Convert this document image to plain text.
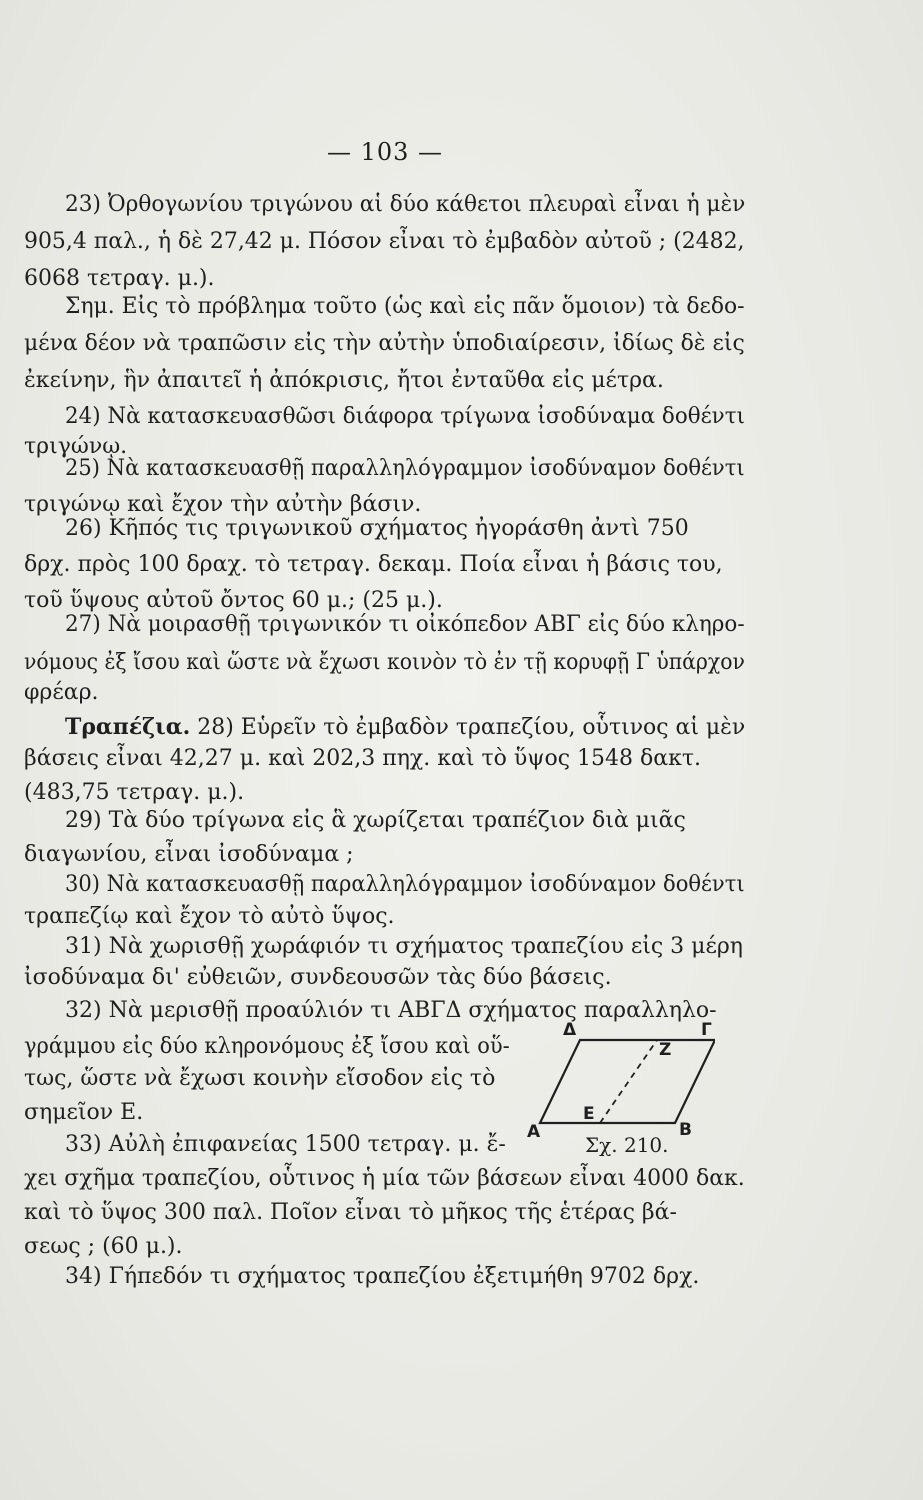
— 103 —
23) Ὀρθογωνίου τριγώνου αἱ δύο κάθετοι πλευραὶ εἶναι ἡ μὲν
905,4 παλ., ἡ δὲ 27,42 μ. Πόσον εἶναι τὸ ἐμβαδὸν αὐτοῦ ; (2482,
6068 τετραγ. μ.).
Σημ. Εἰς τὸ πρόβλημα τοῦτο (ὡς καὶ εἰς πᾶν ὅμοιον) τὰ δεδο-
μένα δέον νὰ τραπῶσιν εἰς τὴν αὐτὴν ὑποδιαίρεσιν, ἰδίως δὲ εἰς
ἐκείνην, ἣν ἀπαιτεῖ ἡ ἀπόκρισις, ἤτοι ἐνταῦθα εἰς μέτρα.
24) Νὰ κατασκευασθῶσι διάφορα τρίγωνα ἰσοδύναμα δοθέντι
τριγώνῳ.
25) Νὰ κατασκευασθῇ παραλληλόγραμμον ἰσοδύναμον δοθέντι
τριγώνῳ καὶ ἔχον τὴν αὐτὴν βάσιν.
26) Κῆπός τις τριγωνικοῦ σχήματος ἠγοράσθη ἀντὶ 750
δρχ. πρὸς 100 δραχ. τὸ τετραγ. δεκαμ. Ποία εἶναι ἡ βάσις του,
τοῦ ὕψους αὐτοῦ ὄντος 60 μ.; (25 μ.).
27) Νὰ μοιρασθῇ τριγωνικόν τι οἰκόπεδον ΑΒΓ εἰς δύο κληρο-
νόμους ἐξ ἴσου καὶ ὥστε νὰ ἔχωσι κοινὸν τὸ ἐν τῇ κορυφῇ Γ ὑπάρχον
φρέαρ.
Τραπέζια. 28) Εὑρεῖν τὸ ἐμβαδὸν τραπεζίου, οὗτινος αἱ μὲν
βάσεις εἶναι 42,27 μ. καὶ 202,3 πηχ. καὶ τὸ ὕψος 1548 δακτ.
(483,75 τετραγ. μ.).
29) Τὰ δύο τρίγωνα εἰς ἃ χωρίζεται τραπέζιον διὰ μιᾶς
διαγωνίου, εἶναι ἰσοδύναμα ;
30) Νὰ κατασκευασθῇ παραλληλόγραμμον ἰσοδύναμον δοθέντι
τραπεζίῳ καὶ ἔχον τὸ αὐτὸ ὕψος.
31) Νὰ χωρισθῇ χωράφιόν τι σχήματος τραπεζίου εἰς 3 μέρη
ἰσοδύναμα δι' εὐθειῶν, συνδεουσῶν τὰς δύο βάσεις.
32) Νὰ μερισθῇ προαύλιόν τι ΑΒΓΔ σχήματος παραλληλο-
γράμμου εἰς δύο κληρονόμους ἐξ ἴσου καὶ οὕ-
τως, ὥστε νὰ ἔχωσι κοινὴν εἴσοδον εἰς τὸ
σημεῖον Ε.
33) Αὐλὴ ἐπιφανείας 1500 τετραγ. μ. ἔ-
χει σχῆμα τραπεζίου, οὗτινος ἡ μία τῶν βάσεων εἶναι 4000 δακ.
καὶ τὸ ὕψος 300 παλ. Ποῖον εἶναι τὸ μῆκος τῆς ἑτέρας βά-
σεως ; (60 μ.).
34) Γήπεδόν τι σχήματος τραπεζίου ἐξετιμήθη 9702 δρχ.
Δ
Z
Γ
A
E
B
Σχ. 210.
